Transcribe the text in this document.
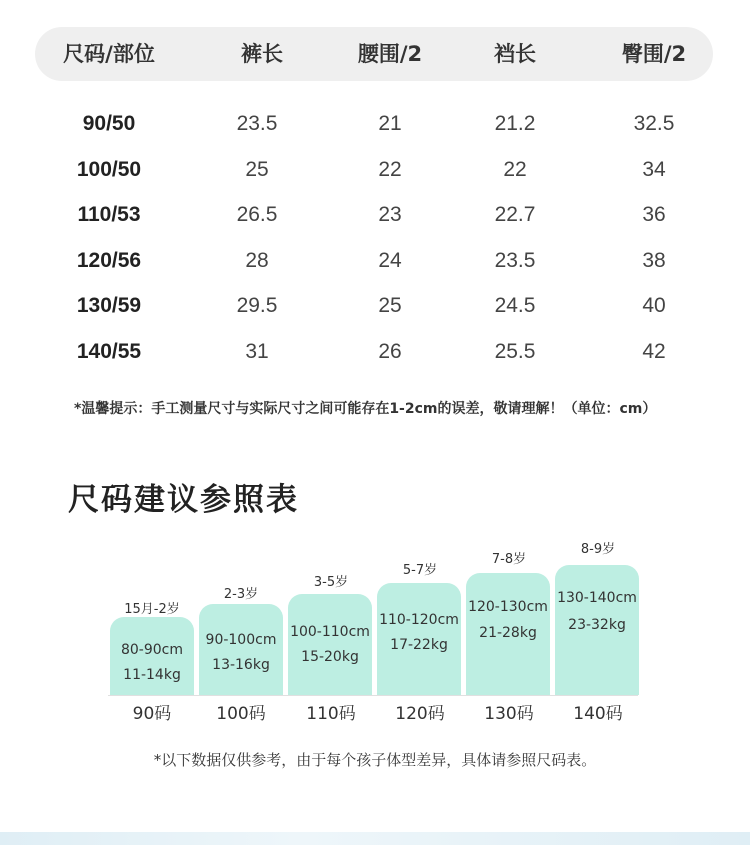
尺码/部位	裤长	腰围/2	裆长	臀围/2
90/50	23.5	21	21.2	32.5
100/50	25	22	22	34
110/53	26.5	23	22.7	36
120/56	28	24	23.5	38
130/59	29.5	25	24.5	40
140/55	31	26	25.5	42
*温馨提示：手工测量尺寸与实际尺寸之间可能存在1-2cm的误差，敬请理解！（单位：cm）
尺码建议参照表
15月-2岁
80-90cm
11-14kg
90码
2-3岁
90-100cm
13-16kg
100码
3-5岁
100-110cm
15-20kg
110码
5-7岁
110-120cm
17-22kg
120码
7-8岁
120-130cm
21-28kg
130码
8-9岁
130-140cm
23-32kg
140码
*以下数据仅供参考，由于每个孩子体型差异，具体请参照尺码表。
